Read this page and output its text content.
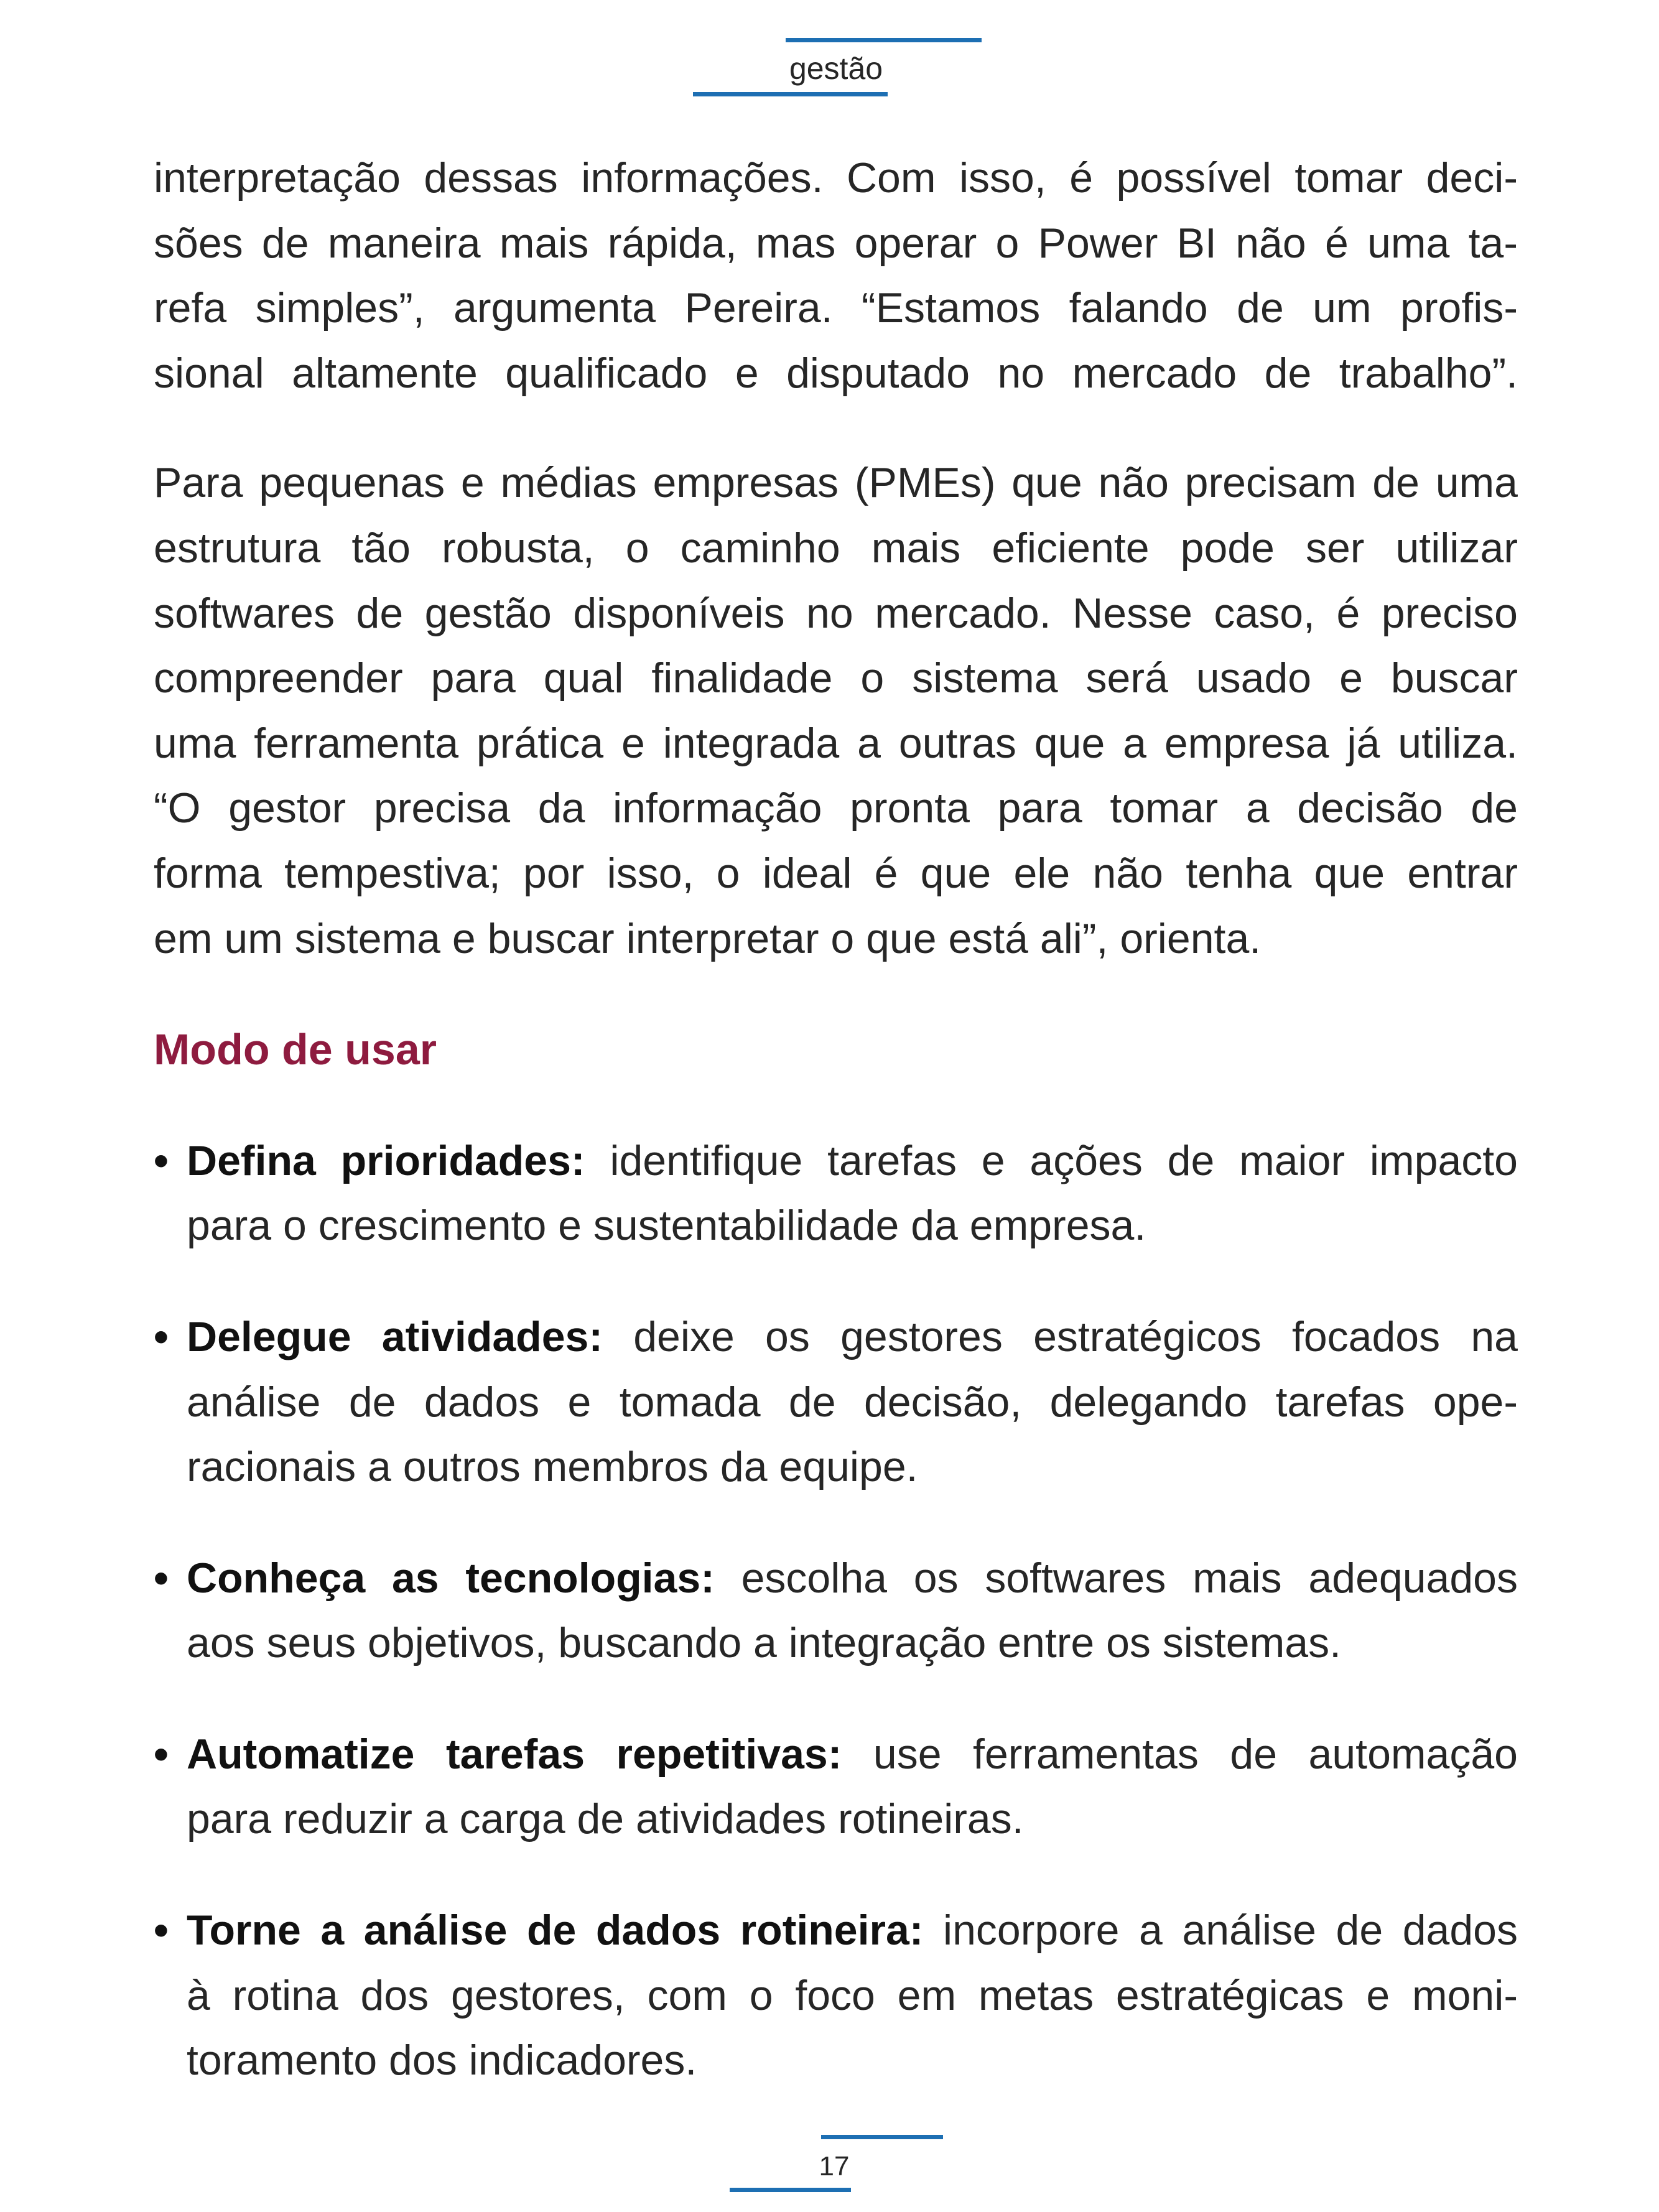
gestão
interpretação dessas informações. Com isso, é possível tomar deci-
sões de maneira mais rápida, mas operar o Power BI não é uma ta-
refa simples”, argumenta Pereira. “Estamos falando de um profis-
sional altamente qualificado e disputado no mercado de trabalho”.
Para pequenas e médias empresas (PMEs) que não precisam de uma
estrutura tão robusta, o caminho mais eficiente pode ser utilizar
softwares de gestão disponíveis no mercado. Nesse caso, é preciso
compreender para qual finalidade o sistema será usado e buscar
uma ferramenta prática e integrada a outras que a empresa já utiliza.
“O gestor precisa da informação pronta para tomar a decisão de
forma tempestiva; por isso, o ideal é que ele não tenha que entrar
em um sistema e buscar interpretar o que está ali”, orienta.
Modo de usar
• Defina prioridades: identifique tarefas e ações de maior impacto
para o crescimento e sustentabilidade da empresa.
• Delegue atividades: deixe os gestores estratégicos focados na
análise de dados e tomada de decisão, delegando tarefas ope-
racionais a outros membros da equipe.
• Conheça as tecnologias: escolha os softwares mais adequados
aos seus objetivos, buscando a integração entre os sistemas.
• Automatize tarefas repetitivas: use ferramentas de automação
para reduzir a carga de atividades rotineiras.
• Torne a análise de dados rotineira: incorpore a análise de dados
à rotina dos gestores, com o foco em metas estratégicas e moni-
toramento dos indicadores.
17
